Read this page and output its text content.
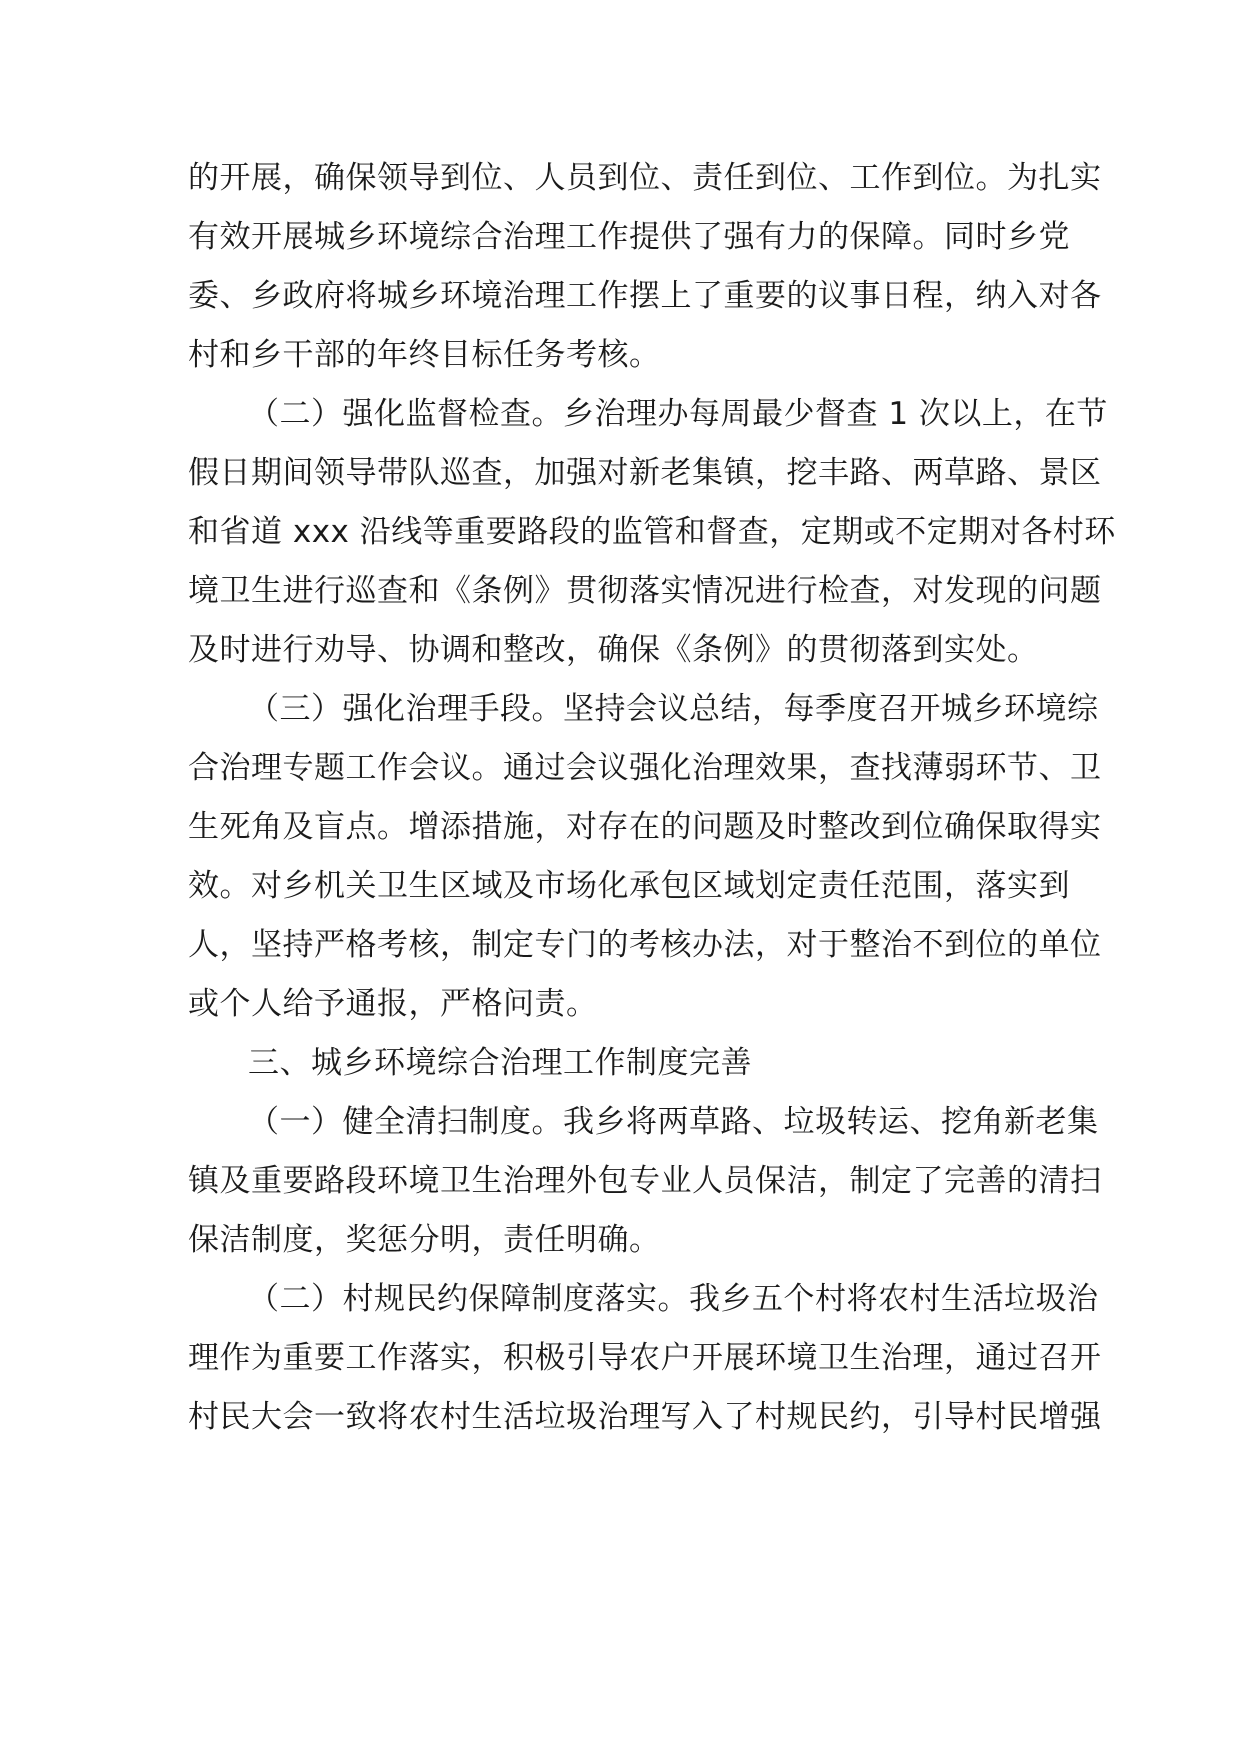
的开展，确保领导到位、人员到位、责任到位、工作到位。为扎实
有效开展城乡环境综合治理工作提供了强有力的保障。同时乡党
委、乡政府将城乡环境治理工作摆上了重要的议事日程，纳入对各
村和乡干部的年终目标任务考核。
（二）强化监督检查。乡治理办每周最少督查 1 次以上，在节
假日期间领导带队巡查，加强对新老集镇，挖丰路、两草路、景区
和省道 xxx 沿线等重要路段的监管和督查，定期或不定期对各村环
境卫生进行巡查和《条例》贯彻落实情况进行检查，对发现的问题
及时进行劝导、协调和整改，确保《条例》的贯彻落到实处。
（三）强化治理手段。坚持会议总结，每季度召开城乡环境综
合治理专题工作会议。通过会议强化治理效果，查找薄弱环节、卫
生死角及盲点。增添措施，对存在的问题及时整改到位确保取得实
效。对乡机关卫生区域及市场化承包区域划定责任范围，落实到
人，坚持严格考核，制定专门的考核办法，对于整治不到位的单位
或个人给予通报，严格问责。
三、城乡环境综合治理工作制度完善
（一）健全清扫制度。我乡将两草路、垃圾转运、挖角新老集
镇及重要路段环境卫生治理外包专业人员保洁，制定了完善的清扫
保洁制度，奖惩分明，责任明确。
（二）村规民约保障制度落实。我乡五个村将农村生活垃圾治
理作为重要工作落实，积极引导农户开展环境卫生治理，通过召开
村民大会一致将农村生活垃圾治理写入了村规民约，引导村民增强
